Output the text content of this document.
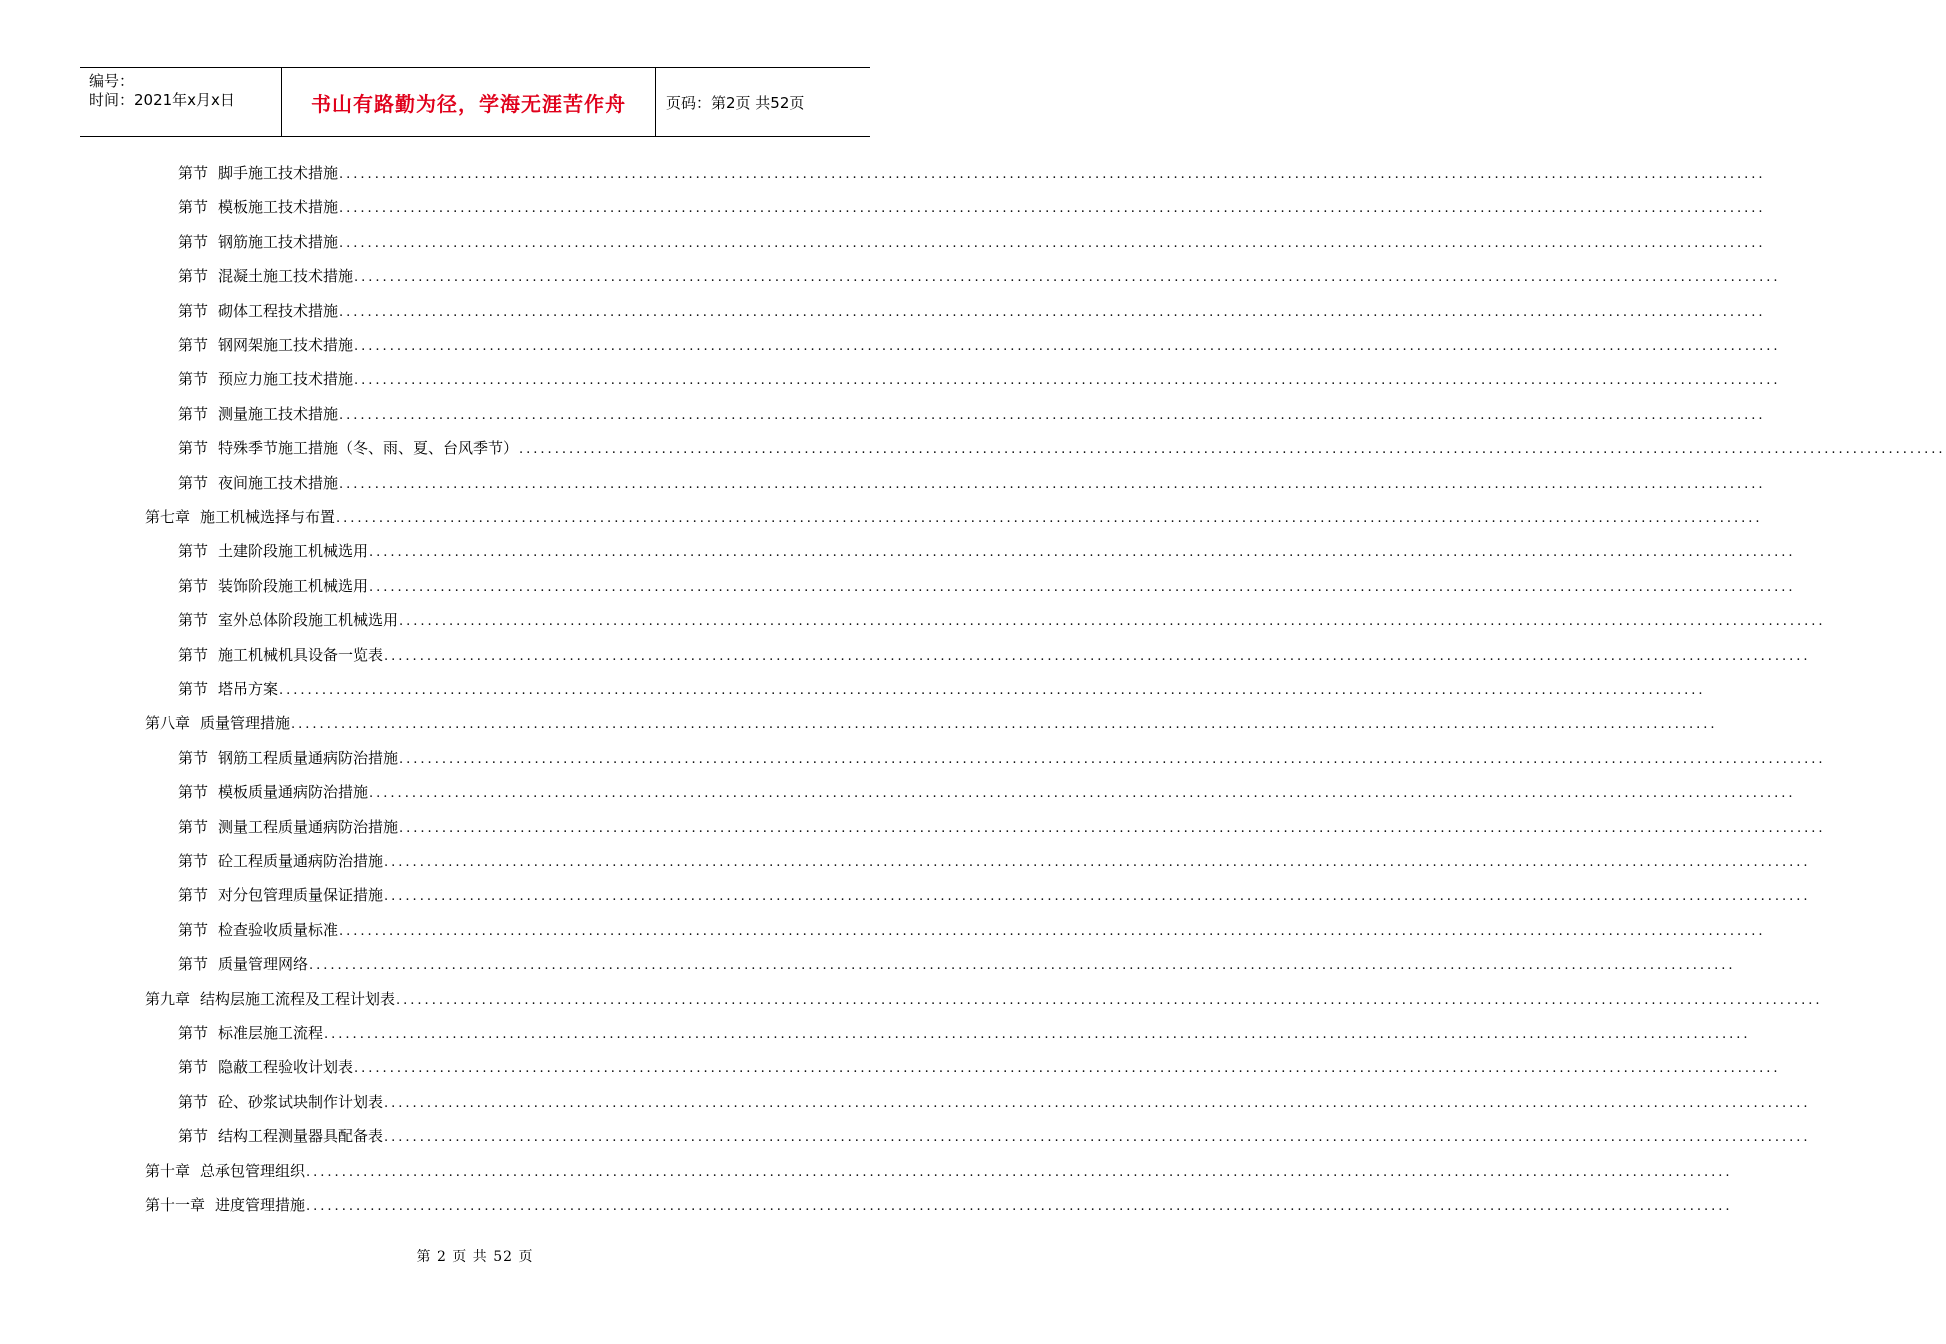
编号：
时间：2021年x月x日	书山有路勤为径，学海无涯苦作舟	页码：第2页 共52页
第节 脚手施工技术措施 ........................................................................................................................................................................................................
第节 模板施工技术措施 ........................................................................................................................................................................................................
第节 钢筋施工技术措施 ........................................................................................................................................................................................................
第节 混凝土施工技术措施 ........................................................................................................................................................................................................
第节 砌体工程技术措施 ........................................................................................................................................................................................................
第节 钢网架施工技术措施 ........................................................................................................................................................................................................
第节 预应力施工技术措施 ........................................................................................................................................................................................................
第节 测量施工技术措施 ........................................................................................................................................................................................................
第节 特殊季节施工措施（冬、雨、夏、台风季节） ........................................................................................................................................................................................................
第节 夜间施工技术措施 ........................................................................................................................................................................................................
第七章 施工机械选择与布置 ........................................................................................................................................................................................................
第节 土建阶段施工机械选用 ........................................................................................................................................................................................................
第节 装饰阶段施工机械选用 ........................................................................................................................................................................................................
第节 室外总体阶段施工机械选用 ........................................................................................................................................................................................................
第节 施工机械机具设备一览表 ........................................................................................................................................................................................................
第节 塔吊方案 ........................................................................................................................................................................................................
第八章 质量管理措施 ........................................................................................................................................................................................................
第节 钢筋工程质量通病防治措施 ........................................................................................................................................................................................................
第节 模板质量通病防治措施 ........................................................................................................................................................................................................
第节 测量工程质量通病防治措施 ........................................................................................................................................................................................................
第节 砼工程质量通病防治措施 ........................................................................................................................................................................................................
第节 对分包管理质量保证措施 ........................................................................................................................................................................................................
第节 检查验收质量标准 ........................................................................................................................................................................................................
第节 质量管理网络 ........................................................................................................................................................................................................
第九章 结构层施工流程及工程计划表 ........................................................................................................................................................................................................
第节 标准层施工流程 ........................................................................................................................................................................................................
第节 隐蔽工程验收计划表 ........................................................................................................................................................................................................
第节 砼、砂浆试块制作计划表 ........................................................................................................................................................................................................
第节 结构工程测量器具配备表 ........................................................................................................................................................................................................
第十章 总承包管理组织 ........................................................................................................................................................................................................
第十一章 进度管理措施 ........................................................................................................................................................................................................
第 2 页 共 52 页
